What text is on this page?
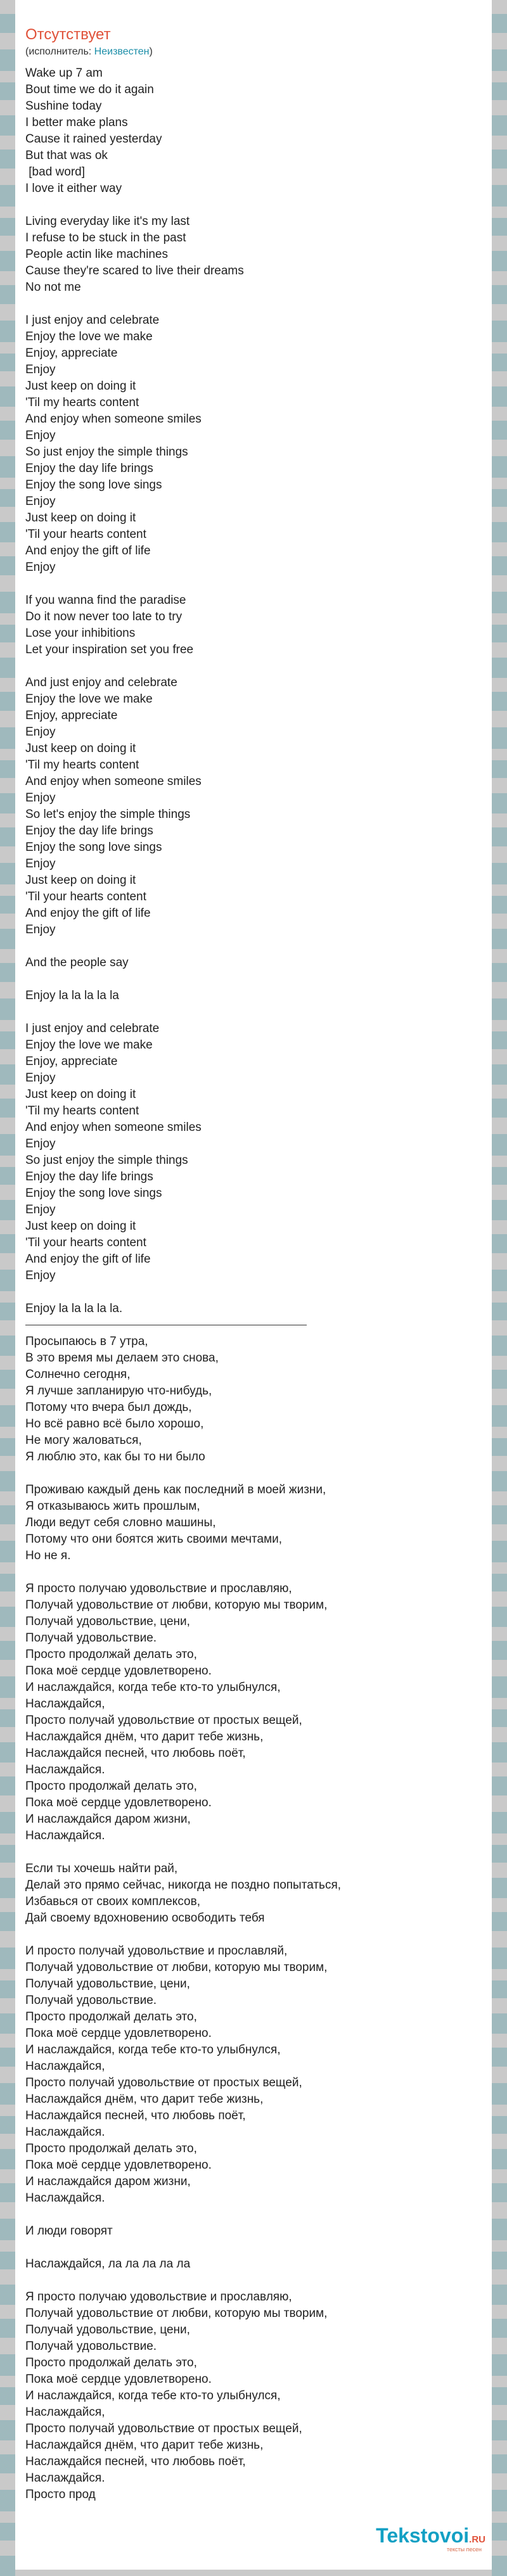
Отсутствует
(исполнитель: Неизвестен)
Wake up 7 am
Bout time we do it again
Sushine today
I better make plans
Cause it rained yesterday
But that was ok
[bad word]
I love it either way
Living everyday like it's my last
I refuse to be stuck in the past
People actin like machines
Cause they're scared to live their dreams
No not me
I just enjoy and celebrate
Enjoy the love we make
Enjoy, appreciate
Enjoy
Just keep on doing it
'Til my hearts content
And enjoy when someone smiles
Enjoy
So just enjoy the simple things
Enjoy the day life brings
Enjoy the song love sings
Enjoy
Just keep on doing it
'Til your hearts content
And enjoy the gift of life
Enjoy
If you wanna find the paradise
Do it now never too late to try
Lose your inhibitions
Let your inspiration set you free
And just enjoy and celebrate
Enjoy the love we make
Enjoy, appreciate
Enjoy
Just keep on doing it
'Til my hearts content
And enjoy when someone smiles
Enjoy
So let's enjoy the simple things
Enjoy the day life brings
Enjoy the song love sings
Enjoy
Just keep on doing it
'Til your hearts content
And enjoy the gift of life
Enjoy
And the people say
Enjoy la la la la la
I just enjoy and celebrate
Enjoy the love we make
Enjoy, appreciate
Enjoy
Just keep on doing it
'Til my hearts content
And enjoy when someone smiles
Enjoy
So just enjoy the simple things
Enjoy the day life brings
Enjoy the song love sings
Enjoy
Just keep on doing it
'Til your hearts content
And enjoy the gift of life
Enjoy
Enjoy la la la la la.
Просыпаюсь в 7 утра,
В это время мы делаем это снова,
Солнечно сегодня,
Я лучше запланирую что-нибудь,
Потому что вчера был дождь,
Но всё равно всё было хорошо,
Не могу жаловаться,
Я люблю это, как бы то ни было
Проживаю каждый день как последний в моей жизни,
Я отказываюсь жить прошлым,
Люди ведут себя словно машины,
Потому что они боятся жить своими мечтами,
Но не я.
Я просто получаю удовольствие и прославляю,
Получай удовольствие от любви, которую мы творим,
Получай удовольствие, цени,
Получай удовольствие.
Просто продолжай делать это,
Пока моё сердце удовлетворено.
И наслаждайся, когда тебе кто-то улыбнулся,
Наслаждайся,
Просто получай удовольствие от простых вещей,
Наслаждайся днём, что дарит тебе жизнь,
Наслаждайся песней, что любовь поёт,
Наслаждайся.
Просто продолжай делать это,
Пока моё сердце удовлетворено.
И наслаждайся даром жизни,
Наслаждайся.
Если ты хочешь найти рай,
Делай это прямо сейчас, никогда не поздно попытаться,
Избавься от своих комплексов,
Дай своему вдохновению освободить тебя
И просто получай удовольствие и прославляй,
Получай удовольствие от любви, которую мы творим,
Получай удовольствие, цени,
Получай удовольствие.
Просто продолжай делать это,
Пока моё сердце удовлетворено.
И наслаждайся, когда тебе кто-то улыбнулся,
Наслаждайся,
Просто получай удовольствие от простых вещей,
Наслаждайся днём, что дарит тебе жизнь,
Наслаждайся песней, что любовь поёт,
Наслаждайся.
Просто продолжай делать это,
Пока моё сердце удовлетворено.
И наслаждайся даром жизни,
Наслаждайся.
И люди говорят
Наслаждайся, ла ла ла ла ла
Я просто получаю удовольствие и прославляю,
Получай удовольствие от любви, которую мы творим,
Получай удовольствие, цени,
Получай удовольствие.
Просто продолжай делать это,
Пока моё сердце удовлетворено.
И наслаждайся, когда тебе кто-то улыбнулся,
Наслаждайся,
Просто получай удовольствие от простых вещей,
Наслаждайся днём, что дарит тебе жизнь,
Наслаждайся песней, что любовь поёт,
Наслаждайся.
Просто прод
Tekstovoi.RU
тексты песен
